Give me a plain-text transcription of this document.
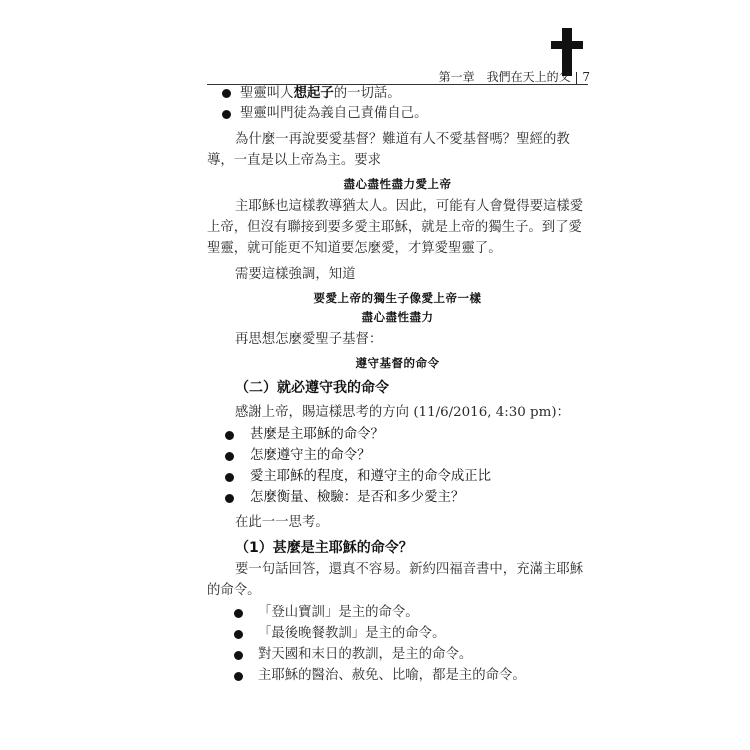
第一章　我們在天上的父 | 7
聖靈叫人想起子的一切話。
聖靈叫門徒為義自己責備自己。
為什麼一再說要愛基督？難道有人不愛基督嗎？聖經的教
導，一直是以上帝為主。要求
盡心盡性盡力愛上帝
主耶穌也這樣教導猶太人。因此，可能有人會覺得要這樣愛
上帝，但沒有聯接到要多愛主耶穌，就是上帝的獨生子。到了愛
聖靈，就可能更不知道要怎麼愛，才算愛聖靈了。
需要這樣強調，知道
要愛上帝的獨生子像愛上帝一樣
盡心盡性盡力
再思想怎麼愛聖子基督：
遵守基督的命令
（二）就必遵守我的命令
感謝上帝，賜這樣思考的方向 (11/6/2016, 4:30 pm)：
甚麼是主耶穌的命令？
怎麼遵守主的命令？
愛主耶穌的程度，和遵守主的命令成正比
怎麼衡量、檢驗：是否和多少愛主？
在此一一思考。
（1）甚麼是主耶穌的命令？
要一句話回答，還真不容易。新約四福音書中，充滿主耶穌
的命令。
「登山寶訓」是主的命令。
「最後晚餐教訓」是主的命令。
對天國和末日的教訓，是主的命令。
主耶穌的醫治、赦免、比喻，都是主的命令。
